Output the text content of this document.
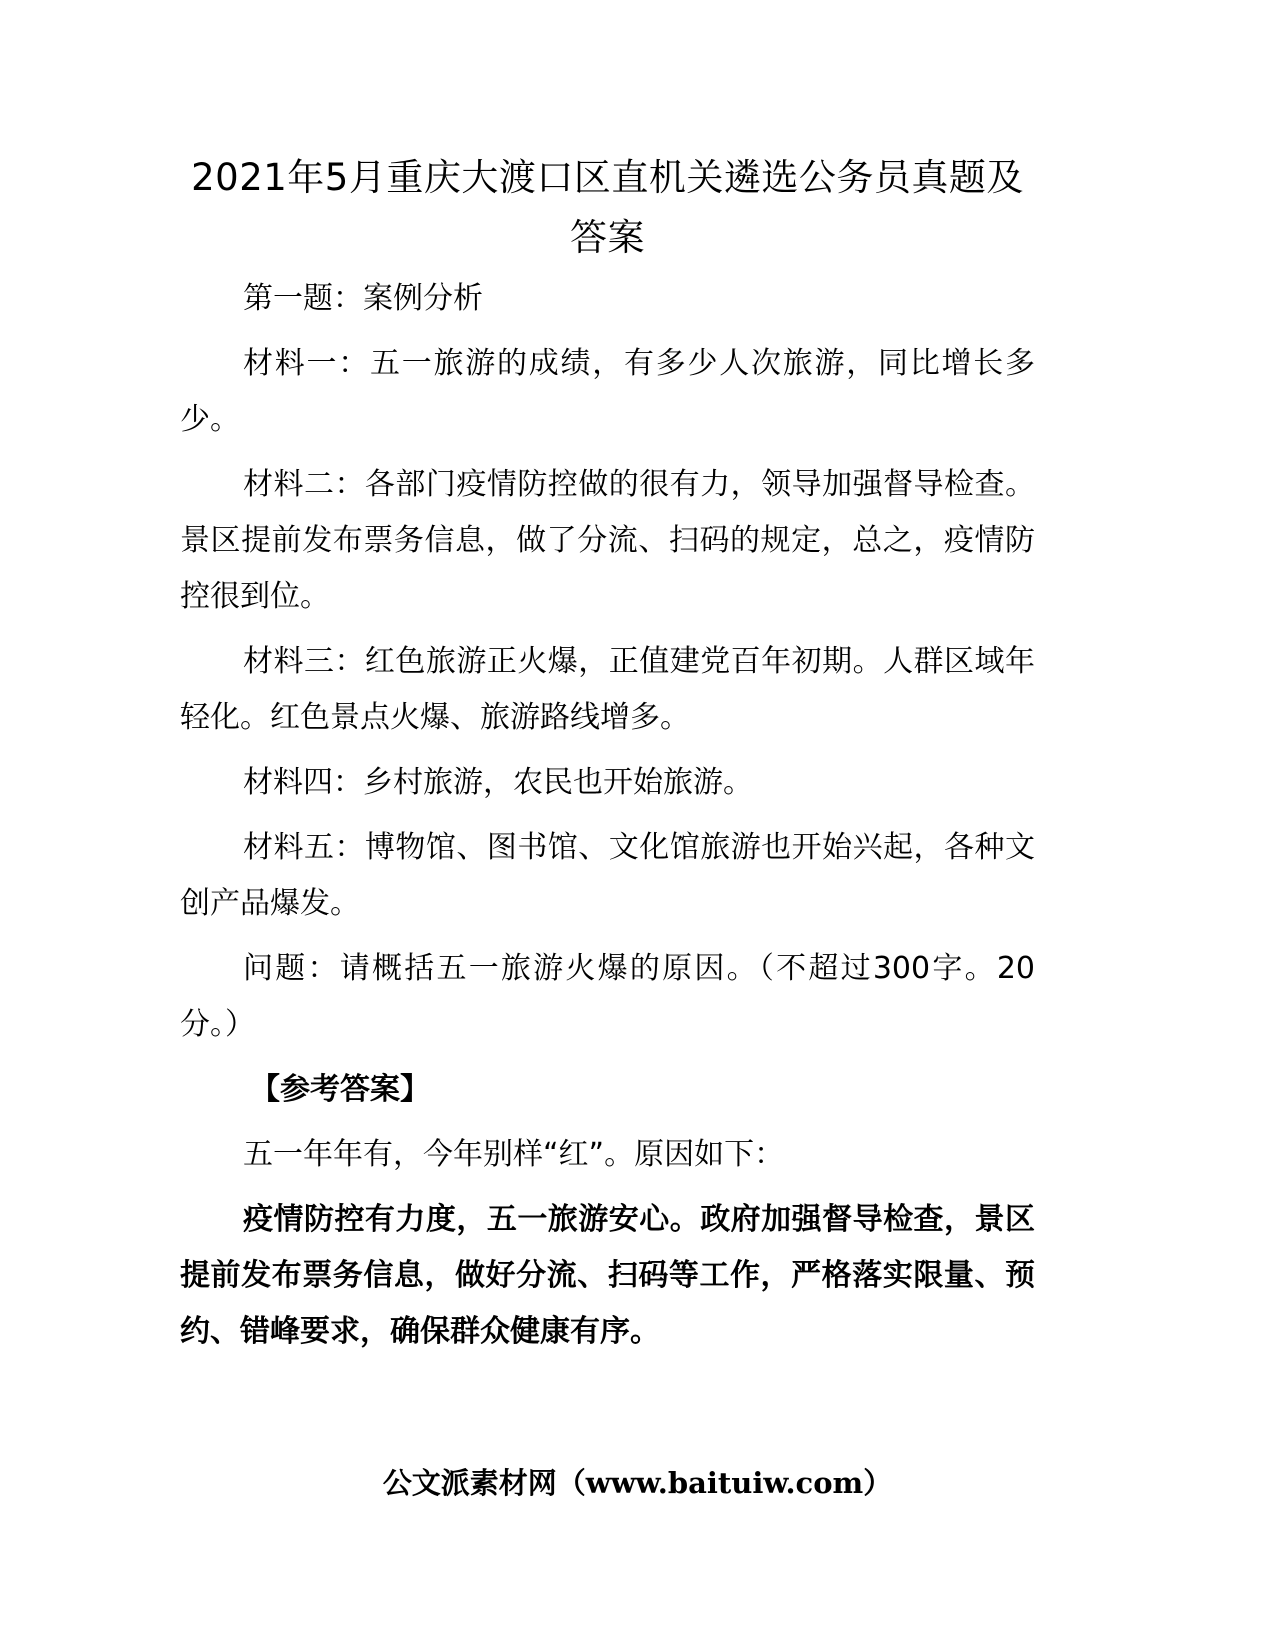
2021年5月重庆大渡口区直机关遴选公务员真题及答案

第一题：案例分析

材料一：五一旅游的成绩，有多少人次旅游，同比增长多少。

材料二：各部门疫情防控做的很有力，领导加强督导检查。景区提前发布票务信息，做了分流、扫码的规定，总之，疫情防控很到位。

材料三：红色旅游正火爆，正值建党百年初期。人群区域年轻化。红色景点火爆、旅游路线增多。

材料四：乡村旅游，农民也开始旅游。

材料五：博物馆、图书馆、文化馆旅游也开始兴起，各种文创产品爆发。

问题：请概括五一旅游火爆的原因。（不超过300字。20分。）

【参考答案】

五一年年有，今年别样“红”。原因如下：

疫情防控有力度，五一旅游安心。政府加强督导检查，景区提前发布票务信息，做好分流、扫码等工作，严格落实限量、预约、错峰要求，确保群众健康有序。

公文派素材网（www.baituiw.com）
